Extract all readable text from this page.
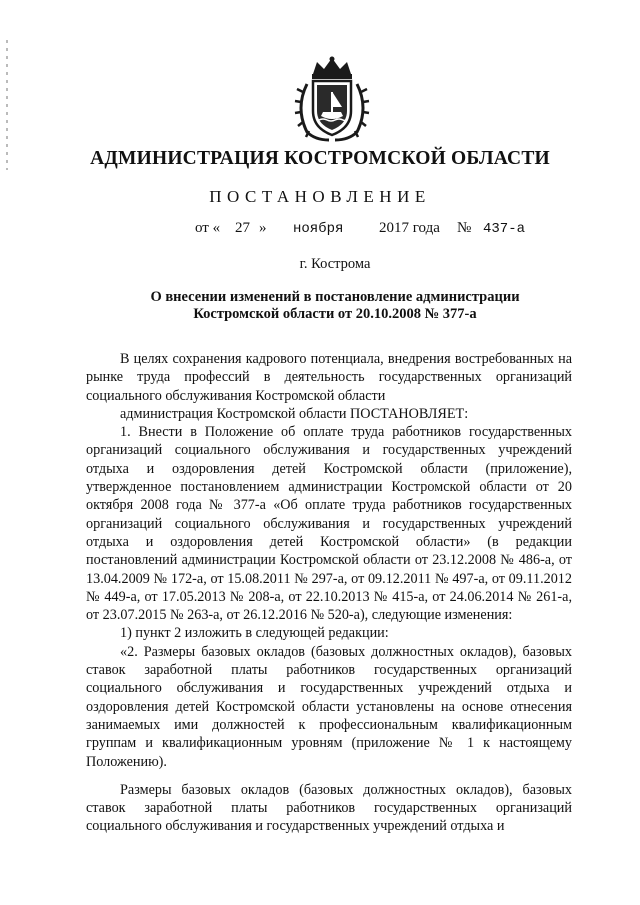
АДМИНИСТРАЦИЯ КОСТРОМСКОЙ ОБЛАСТИ
ПОСТАНОВЛЕНИЕ
от « 27 » ноября 2017 года № 437-а
г. Кострома
О внесении изменений в постановление администрации
Костромской области от 20.10.2008 № 377-а

В целях сохранения кадрового потенциала, внедрения востребованных на рынке труда профессий в деятельность государственных организаций социального обслуживания Костромской области

администрация Костромской области ПОСТАНОВЛЯЕТ:

1. Внести в Положение об оплате труда работников государственных организаций социального обслуживания и государственных учреждений отдыха и оздоровления детей Костромской области (приложение), утвержденное постановлением администрации Костромской области от 20 октября 2008 года № 377-а «Об оплате труда работников государственных организаций социального обслуживания и государственных учреждений отдыха и оздоровления детей Костромской области» (в редакции постановлений администрации Костромской области от 23.12.2008 № 486-а, от 13.04.2009 № 172-а, от 15.08.2011 № 297-а, от 09.12.2011 № 497-а, от 09.11.2012 № 449-а, от 17.05.2013 № 208-а, от 22.10.2013 № 415-а, от 24.06.2014 № 261-а, от 23.07.2015 № 263-а, от 26.12.2016 № 520-а), следующие изменения:

1) пункт 2 изложить в следующей редакции:

«2. Размеры базовых окладов (базовых должностных окладов), базовых ставок заработной платы работников государственных организаций социального обслуживания и государственных учреждений отдыха и оздоровления детей Костромской области установлены на основе отнесения занимаемых ими должностей к профессиональным квалификационным группам и квалификационным уровням (приложение № 1 к настоящему Положению).

Размеры базовых окладов (базовых должностных окладов), базовых ставок заработной платы работников государственных организаций социального обслуживания и государственных учреждений отдыха и
